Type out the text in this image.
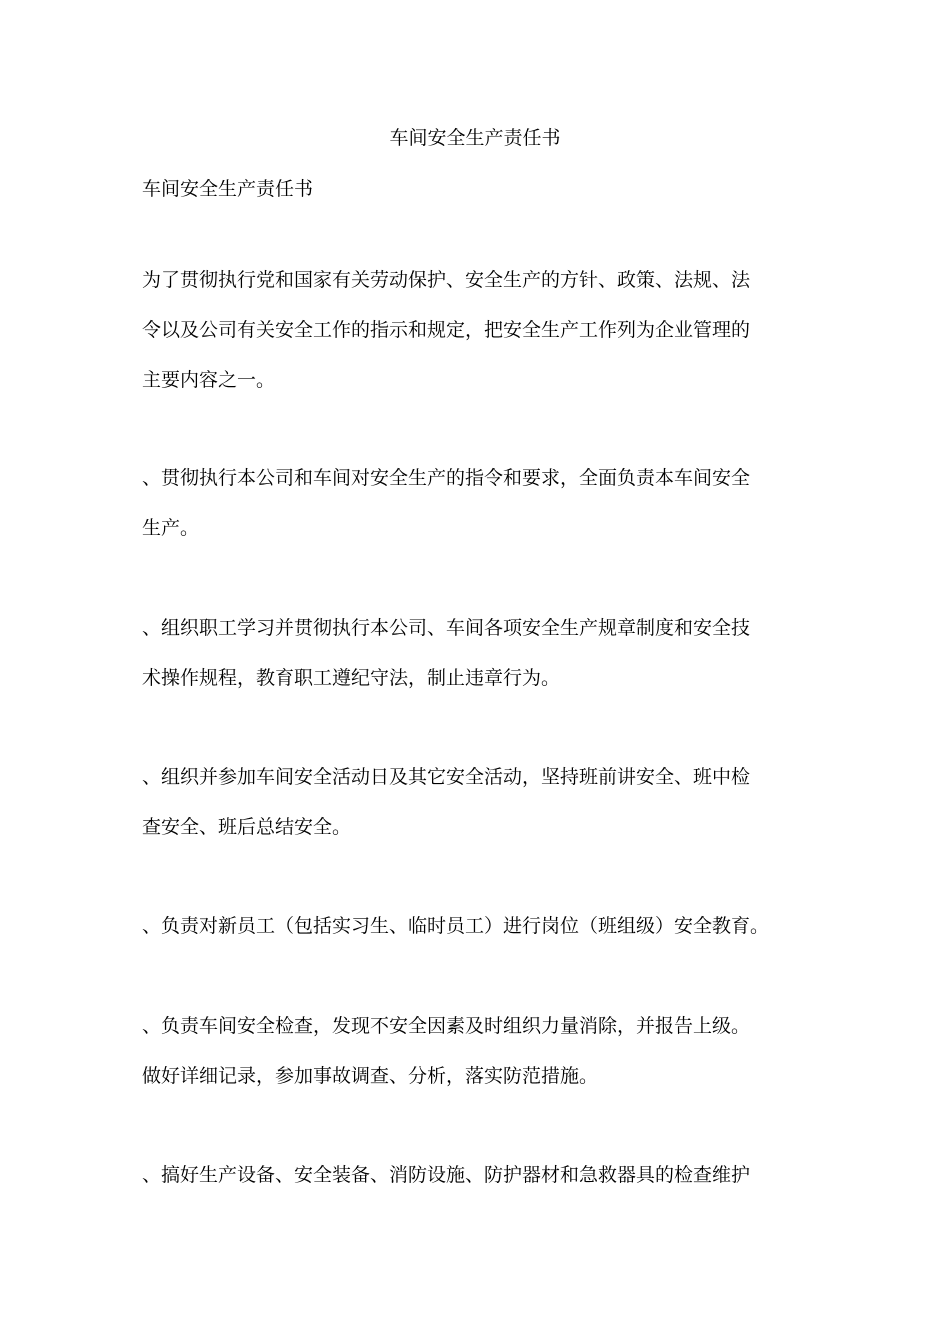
车间安全生产责任书
车间安全生产责任书
为了贯彻执行党和国家有关劳动保护、安全生产的方针、政策、法规、法
令以及公司有关安全工作的指示和规定，把安全生产工作列为企业管理的
主要内容之一。
、贯彻执行本公司和车间对安全生产的指令和要求，全面负责本车间安全
生产。
、组织职工学习并贯彻执行本公司、车间各项安全生产规章制度和安全技
术操作规程，教育职工遵纪守法，制止违章行为。
、组织并参加车间安全活动日及其它安全活动，坚持班前讲安全、班中检
查安全、班后总结安全。
、负责对新员工（包括实习生、临时员工）进行岗位（班组级）安全教育。
、负责车间安全检查，发现不安全因素及时组织力量消除，并报告上级。
做好详细记录，参加事故调查、分析，落实防范措施。
、搞好生产设备、安全装备、消防设施、防护器材和急救器具的检查维护
